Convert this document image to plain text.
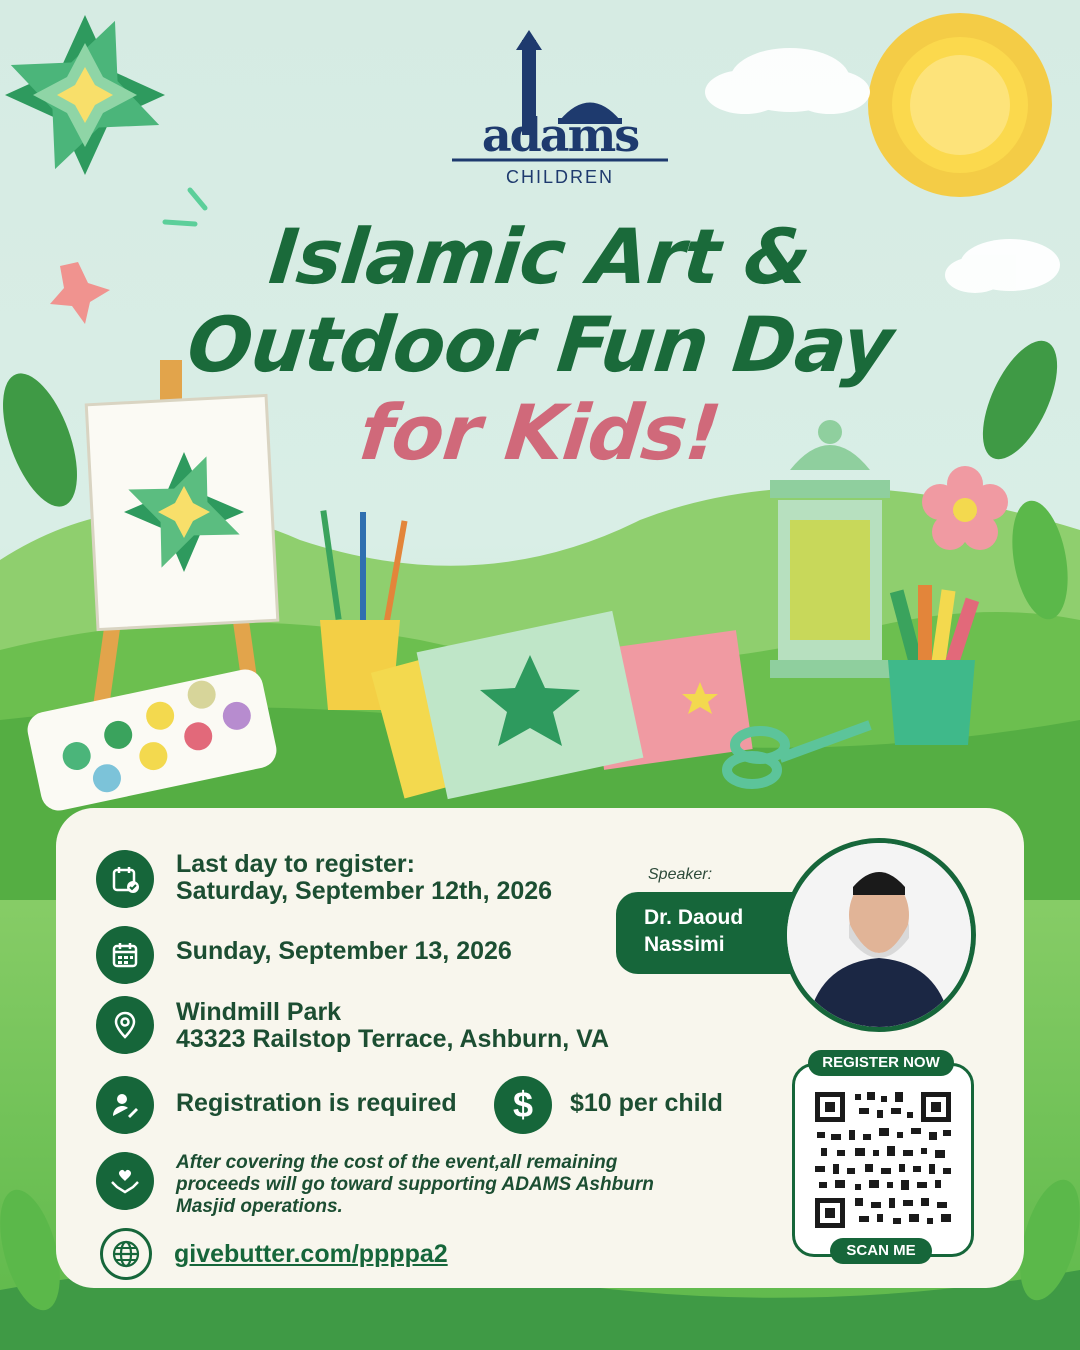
adams
CHILDREN
Islamic Art &
Outdoor Fun Day
for Kids!
Last day to register:
Saturday, September 12th, 2026
Sunday, September 13, 2026
Windmill Park
43323 Railstop Terrace, Ashburn, VA
Registration is required $ $10 per child
After covering the cost of the event,all remaining proceeds will go toward supporting ADAMS Ashburn Masjid operations.
givebutter.com/ppppa2
Speaker:
Dr. Daoud
Nassimi
REGISTER NOW
SCAN ME
